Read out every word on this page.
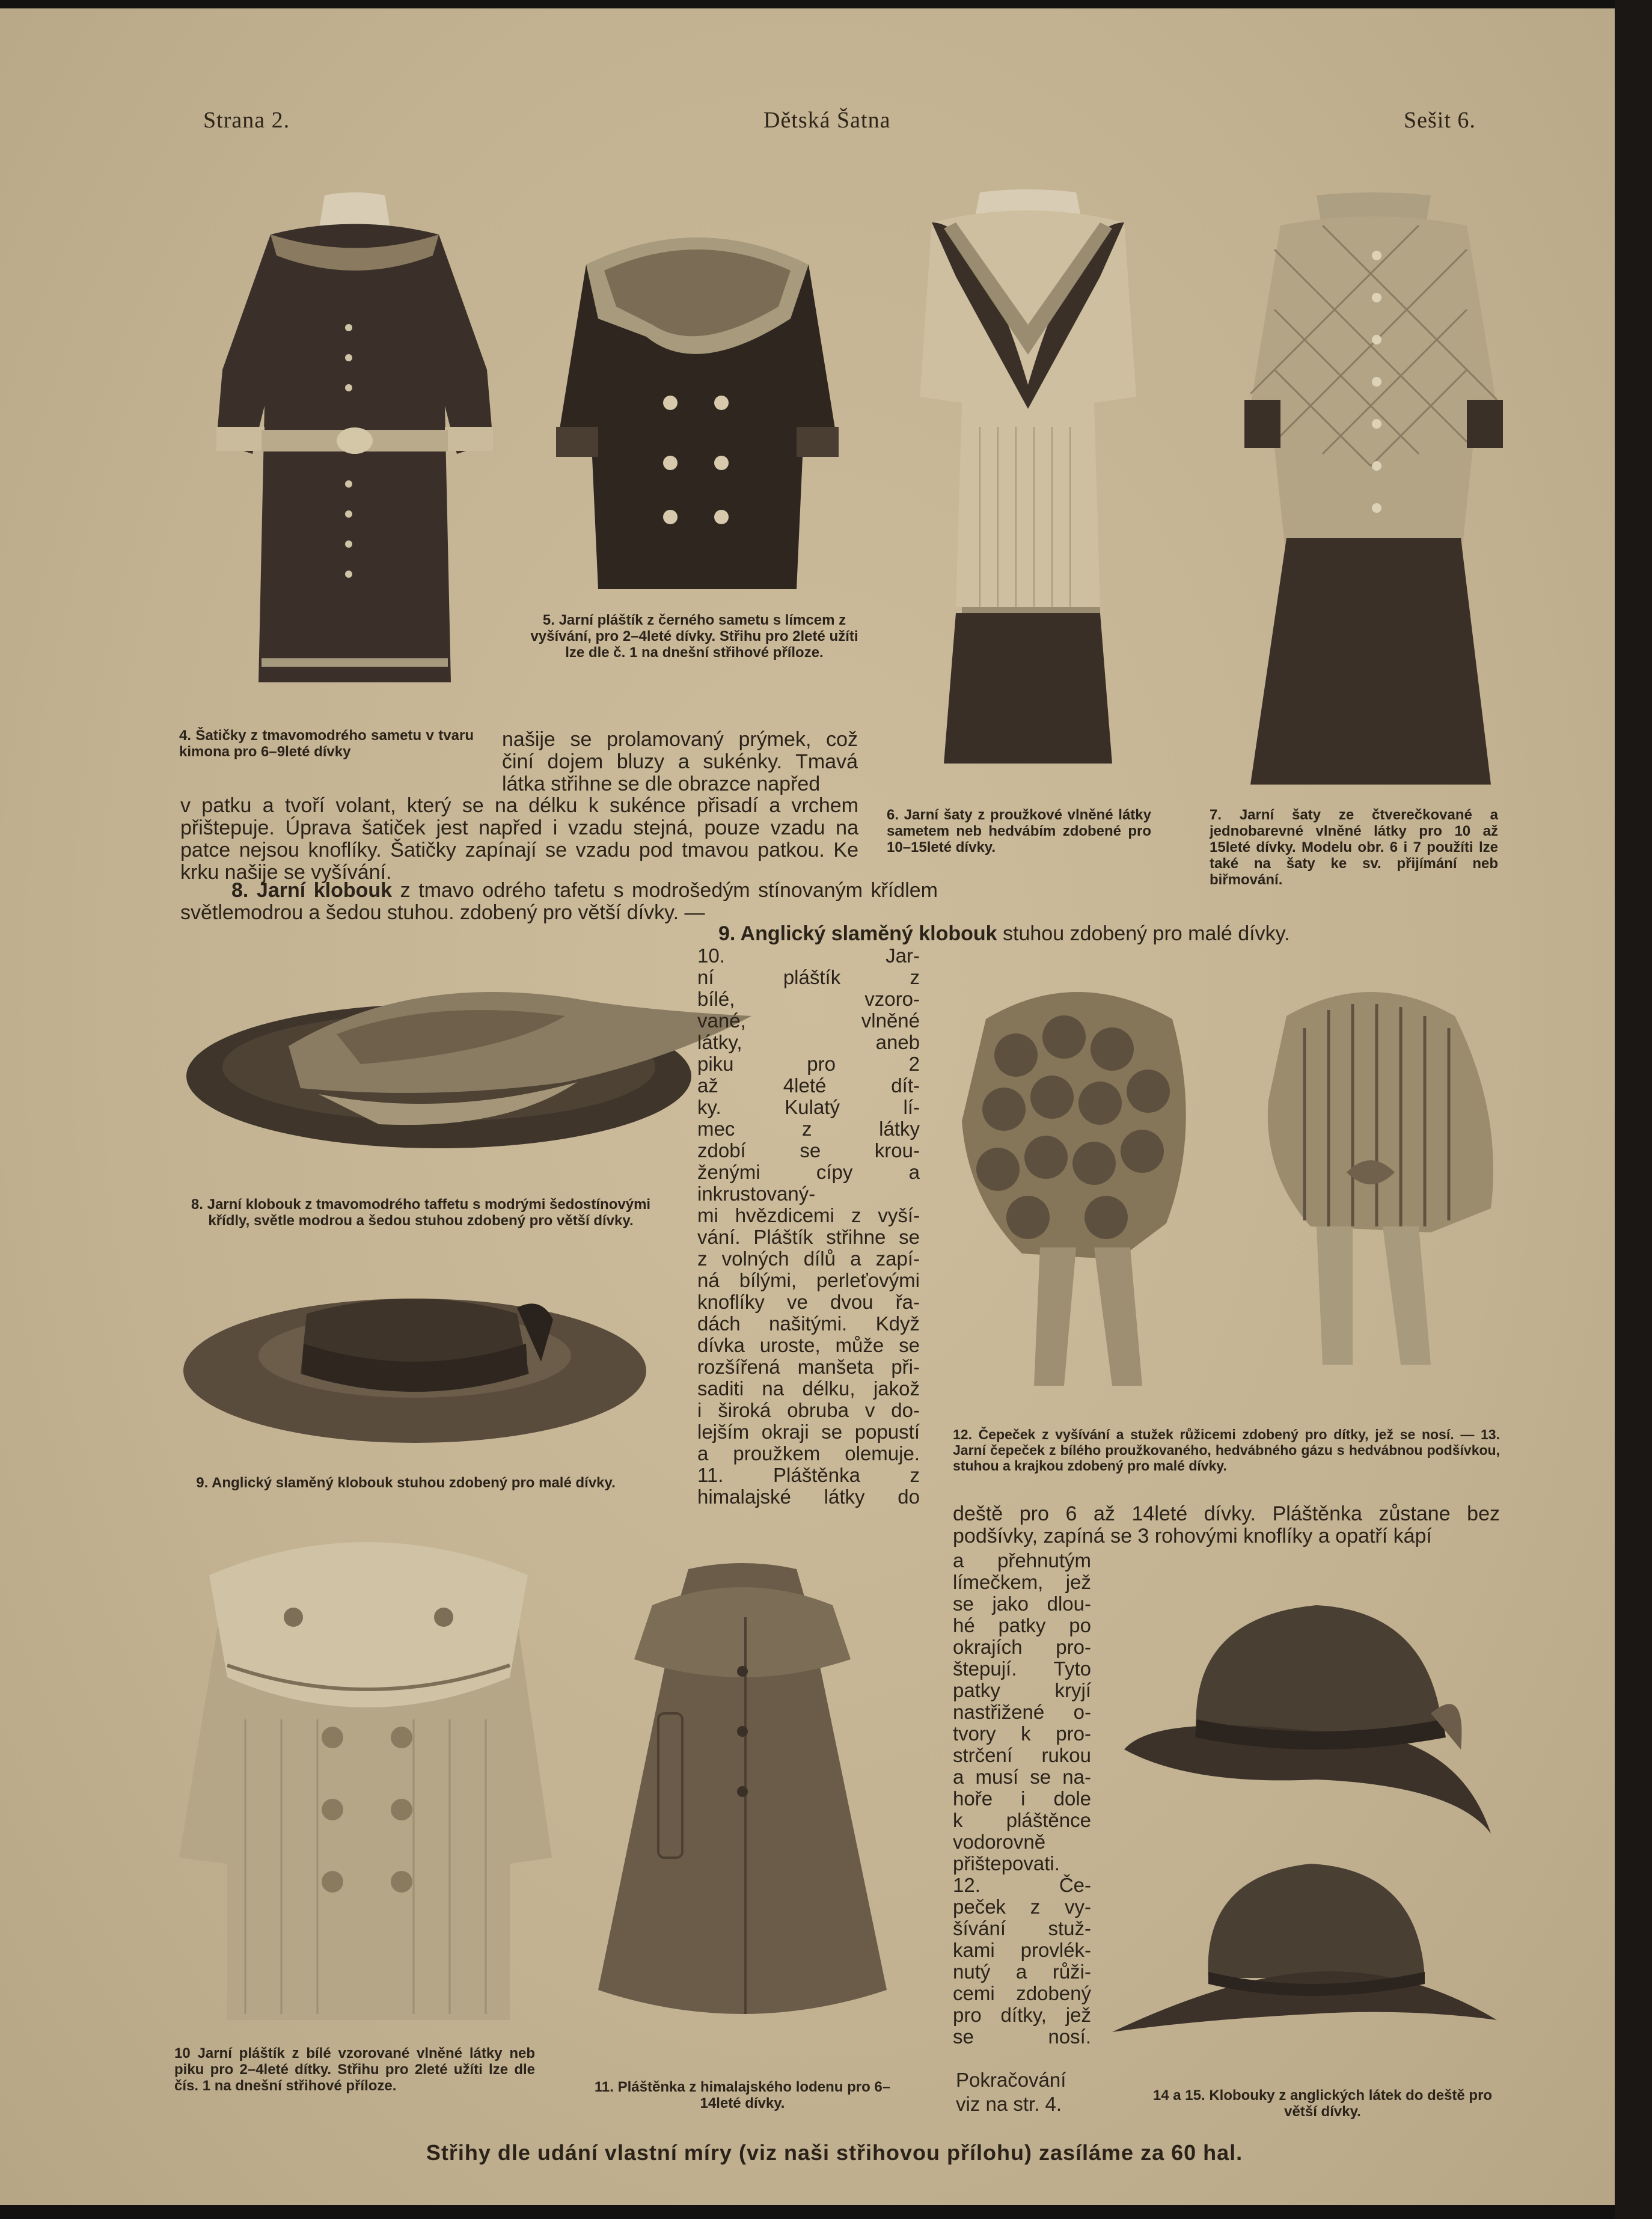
Strana 2.	Dětská Šatna	Sešit 6.
4. Šatičky z tmavomodrého sametu v tvaru kimona pro 6–9leté dívky
5. Jarní pláštík z černého sametu s límcem z vyšívání, pro 2–4leté dívky. Střihu pro 2leté užíti lze dle č. 1 na dnešní střihové příloze.
6. Jarní šaty z proužkové vlněné látky sametem neb hedvábím zdobené pro 10–15leté dívky.
7. Jarní šaty ze čtverečkované a jednobarevné vlněné látky pro 10 až 15leté dívky. Modelu obr. 6 i 7 použíti lze také na šaty ke sv. přijímání neb biřmování.
našije se prolamovaný prýmek, což činí dojem bluzy a sukénky. Tmavá látka střihne se dle obrazce napřed
v patku a tvoří volant, který se na délku k sukénce přisadí a vrchem přištepuje. Úprava šatiček jest napřed i vzadu stejná, pouze vzadu na patce nejsou knoflíky. Šatičky zapínají se vzadu pod tmavou patkou. Ke krku našije se vyšívání.
8. Jarní klobouk z tmavo odrého tafetu s modrošedým stínovaným křídlem světlemodrou a šedou stuhou. zdobený pro větší dívky. —
9. Anglický slaměný klobouk stuhou zdobený pro malé dívky.
8. Jarní klobouk z tmavomodrého taffetu s modrými šedostínovými křídly, světle modrou a šedou stuhou zdobený pro větší dívky.
9. Anglický slaměný klobouk stuhou zdobený pro malé dívky.
10. Jar-
ní pláštík z
bílé, vzoro-
vané, vlněné
látky, aneb
piku pro 2
až 4leté dít-
ky. Kulatý lí-
mec z látky
zdobí se krou-
ženými cípy a
inkrustovaný-
mi hvězdicemi z vyší-
vání. Pláštík střihne se
z volných dílů a zapí-
ná bílými, perleťovými
knoflíky ve dvou řa-
dách našitými. Když
dívka uroste, může se
rozšířená manšeta při-
saditi na délku, jakož
i široká obruba v do-
lejším okraji se popustí
a proužkem olemuje.
11. Pláštěnka z
himalajské látky do
12. Čepeček z vyšívání a stužek růžicemi zdobený pro dítky, jež se nosí. — 13. Jarní čepeček z bílého proužkovaného, hedvábného gázu s hedvábnou podšívkou, stuhou a krajkou zdobený pro malé dívky.
deště pro 6 až 14leté dívky. Pláštěnka zůstane bez podšívky, zapíná se 3 rohovými knoflíky a opatří kápí
a přehnutým
límečkem, jež
se jako dlou-
hé patky po
okrajích pro-
štepují. Tyto
patky kryjí
nastřižené o-
tvory k pro-
strčení rukou
a musí se na-
hoře i dole
k pláštěnce
vodorovně
přištepovati.
12. Če-
peček z vy-
šívání stuž-
kami provlék-
nutý a růži-
cemi zdobený
pro dítky, jež
se nosí.
Pokračování viz na str. 4.
10 Jarní pláštík z bílé vzorované vlněné látky neb piku pro 2–4leté dítky. Střihu pro 2leté užíti lze dle čís. 1 na dnešní střihové příloze.	11. Pláštěnka z himalajského lodenu pro 6–14leté dívky.	14 a 15. Klobouky z anglických látek do deště pro větší dívky.
Střihy dle udání vlastní míry (viz naši střihovou přílohu) zasíláme za 60 hal.
